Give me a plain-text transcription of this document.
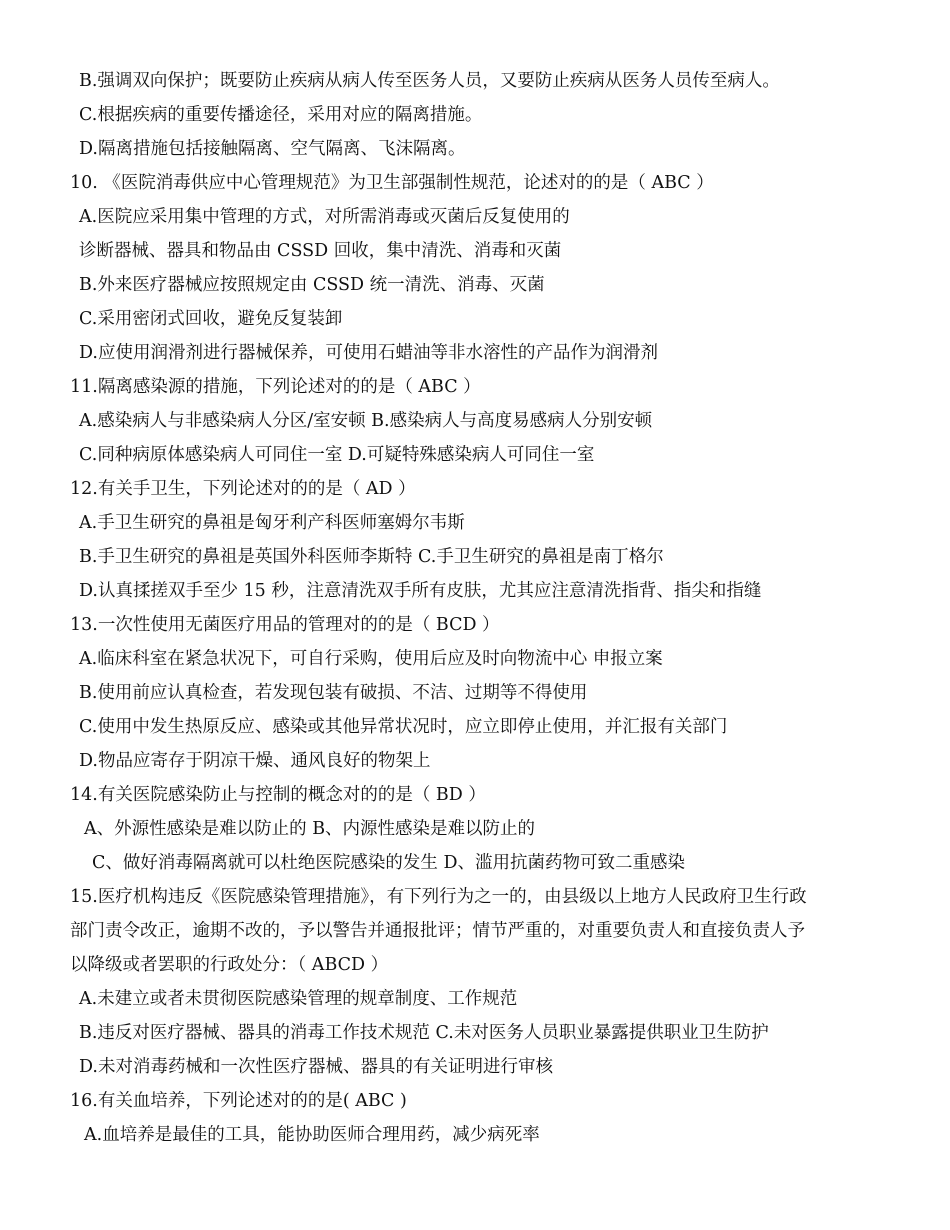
B.强调双向保护；既要防止疾病从病人传至医务人员，又要防止疾病从医务人员传至病人。
C.根据疾病的重要传播途径，采用对应的隔离措施。
D.隔离措施包括接触隔离、空气隔离、飞沫隔离。
10. 《医院消毒供应中心管理规范》为卫生部强制性规范，论述对的的是（ ABC ）
A.医院应采用集中管理的方式，对所需消毒或灭菌后反复使用的
诊断器械、器具和物品由 CSSD 回收，集中清洗、消毒和灭菌
B.外来医疗器械应按照规定由 CSSD 统一清洗、消毒、灭菌
C.采用密闭式回收，避免反复装卸
D.应使用润滑剂进行器械保养，可使用石蜡油等非水溶性的产品作为润滑剂
11.隔离感染源的措施，下列论述对的的是（ ABC ）
A.感染病人与非感染病人分区/室安顿 B.感染病人与高度易感病人分别安顿
C.同种病原体感染病人可同住一室 D.可疑特殊感染病人可同住一室
12.有关手卫生，下列论述对的的是（ AD ）
A.手卫生研究的鼻祖是匈牙利产科医师塞姆尔韦斯
B.手卫生研究的鼻祖是英国外科医师李斯特 C.手卫生研究的鼻祖是南丁格尔
D.认真揉搓双手至少 15 秒，注意清洗双手所有皮肤，尤其应注意清洗指背、指尖和指缝
13.一次性使用无菌医疗用品的管理对的的是（ BCD ）
A.临床科室在紧急状况下，可自行采购，使用后应及时向物流中心 申报立案
B.使用前应认真检查，若发现包装有破损、不洁、过期等不得使用
C.使用中发生热原反应、感染或其他异常状况时，应立即停止使用，并汇报有关部门
D.物品应寄存于阴凉干燥、通风良好的物架上
14.有关医院感染防止与控制的概念对的的是（ BD ）
A、外源性感染是难以防止的 B、内源性感染是难以防止的
C、做好消毒隔离就可以杜绝医院感染的发生 D、滥用抗菌药物可致二重感染
15.医疗机构违反《医院感染管理措施》，有下列行为之一的，由县级以上地方人民政府卫生行政
部门责令改正，逾期不改的，予以警告并通报批评；情节严重的，对重要负责人和直接负责人予
以降级或者罢职的行政处分：（ ABCD ）
A.未建立或者未贯彻医院感染管理的规章制度、工作规范
B.违反对医疗器械、器具的消毒工作技术规范 C.未对医务人员职业暴露提供职业卫生防护
D.未对消毒药械和一次性医疗器械、器具的有关证明进行审核
16.有关血培养，下列论述对的的是( ABC )
A.血培养是最佳的工具，能协助医师合理用药，减少病死率
